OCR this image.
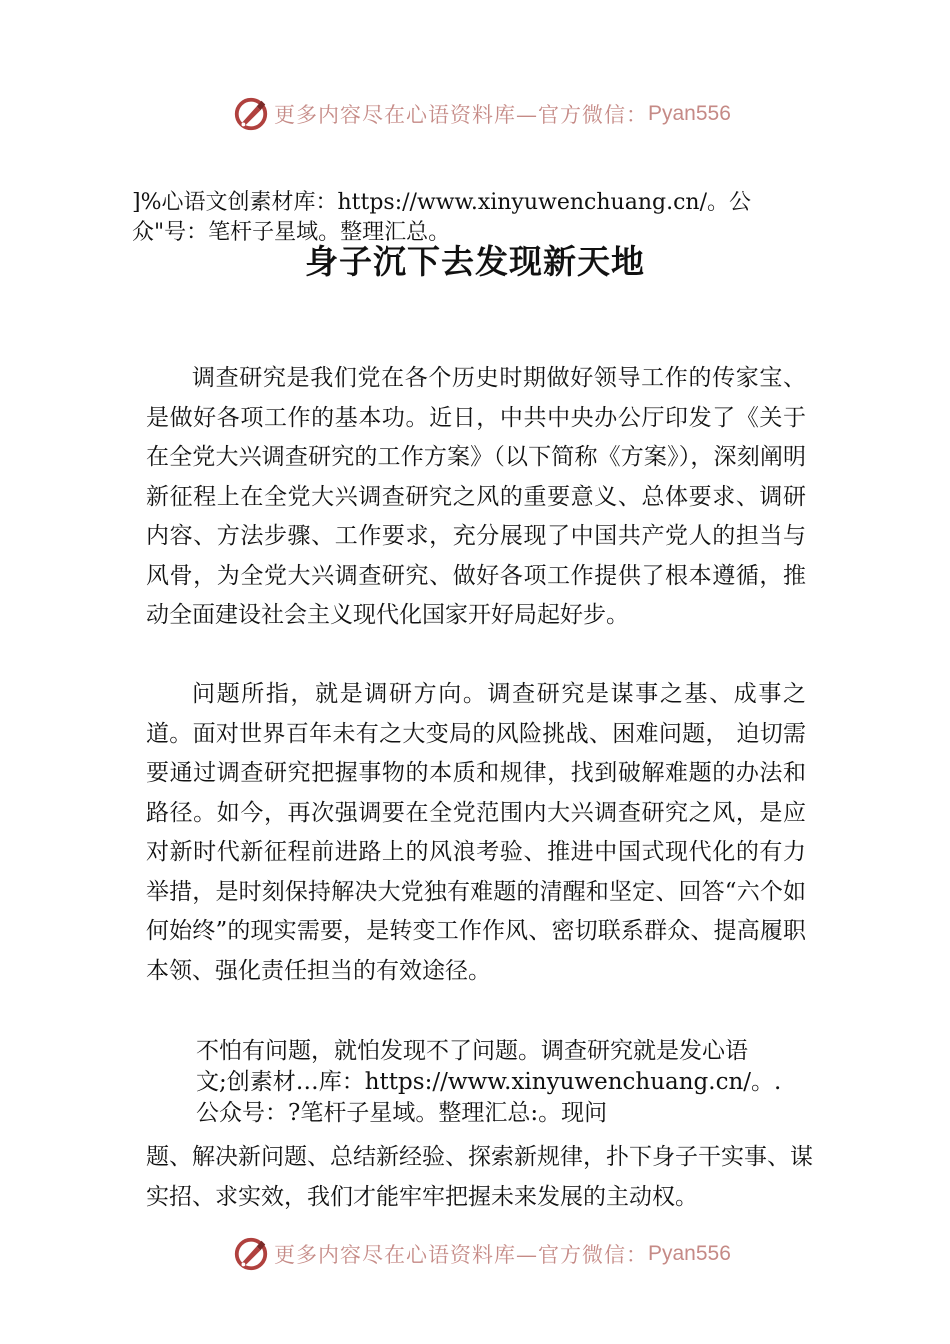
更多内容尽在心语资料库—官方微信： Pyan556
]%心语文创素材库：https://www.xinyuwenchuang.cn/。公众"号：笔杆子星域。整理汇总。
身子沉下去发现新天地

调查研究是我们党在各个历史时期做好领导工作的传家宝、是做好各项工作的基本功。近日，中共中央办公厅印发了《关于在全党大兴调查研究的工作方案》（以下简称《方案》），深刻阐明新征程上在全党大兴调查研究之风的重要意义、总体要求、调研内容、方法步骤、工作要求，充分展现了中国共产党人的担当与风骨，为全党大兴调查研究、做好各项工作提供了根本遵循，推动全面建设社会主义现代化国家开好局起好步。

问题所指，就是调研方向。调查研究是谋事之基、成事之道。面对世界百年未有之大变局的风险挑战、困难问题， 迫切需要通过调查研究把握事物的本质和规律，找到破解难题的办法和路径。如今，再次强调要在全党范围内大兴调查研究之风，是应对新时代新征程前进路上的风浪考验、推进中国式现代化的有力举措，是时刻保持解决大党独有难题的清醒和坚定、回答“六个如何始终”的现实需要，是转变工作作风、密切联系群众、提高履职本领、强化责任担当的有效途径。

不怕有问题，就怕发现不了问题。调查研究就是发心语

文;创素材…库：https://www.xinyuwenchuang.cn/。.

公众号：?笔杆子星域。整理汇总:。现问

题、解决新问题、总结新经验、探索新规律，扑下身子干实事、谋实招、求实效，我们才能牢牢把握未来发展的主动权。

更多内容尽在心语资料库—官方微信： Pyan556
